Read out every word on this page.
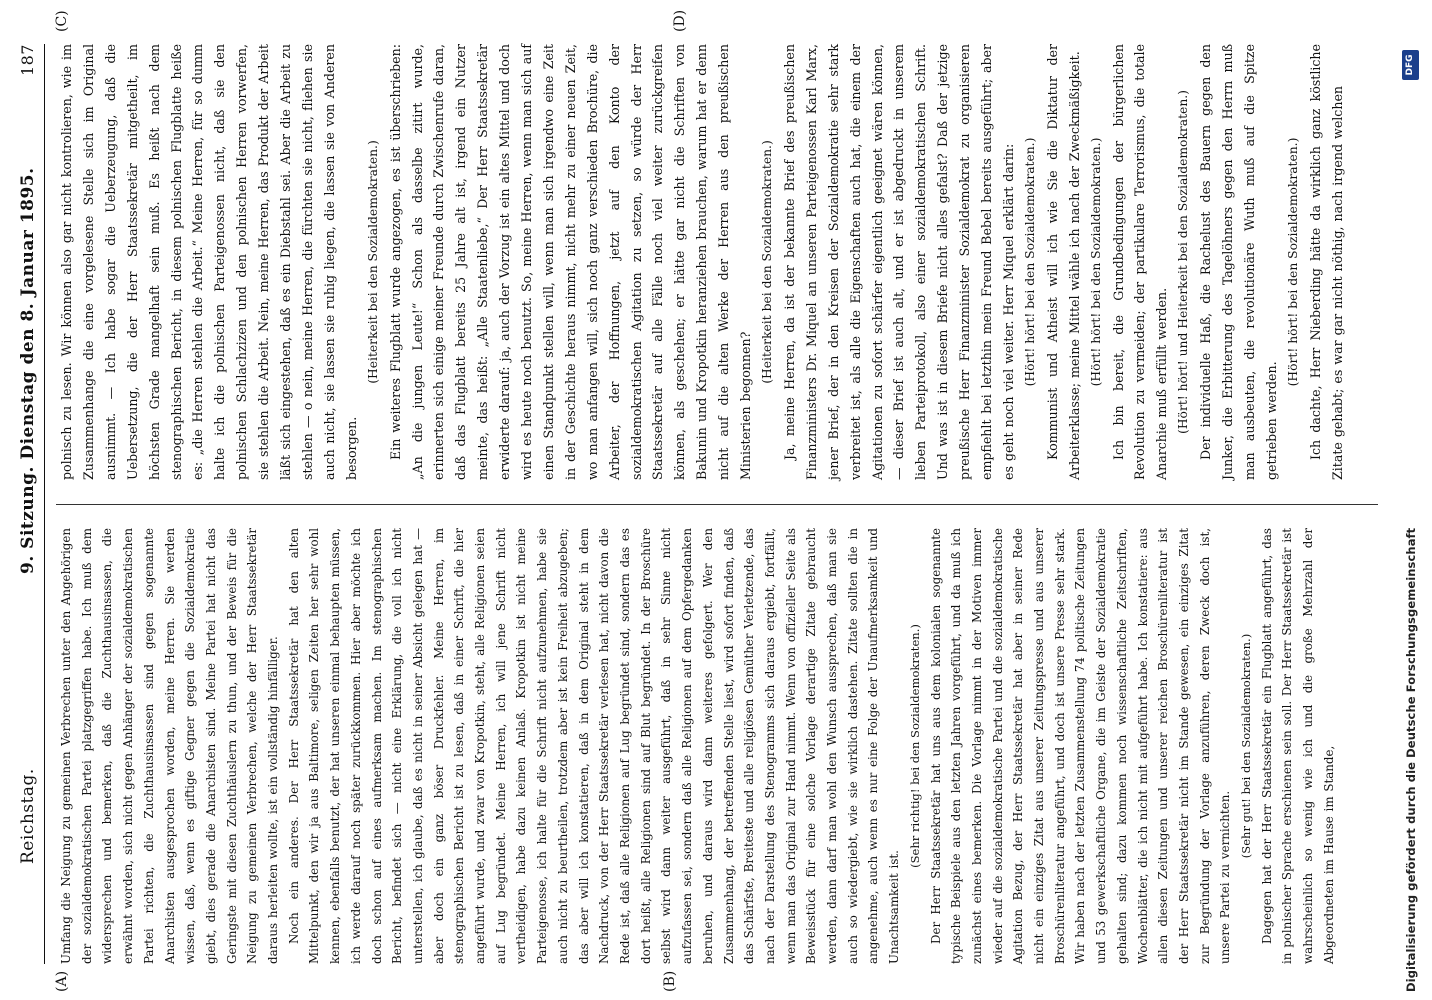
Reichstag.
9. Sitzung. Dienstag den 8. Januar 1895.
187
(A)	(B)
(C)	(D)

Umfang die Neigung zu gemeinen Verbrechen unter den Angehörigen der sozialdemokratischen Partei platzgegriffen habe. Ich muß dem widersprechen und bemerken, daß die Zuchthausinsassen, die erwähnt worden, sich nicht gegen Anhänger der sozialdemokratischen Partei richten, die Zuchthausinsassen sind gegen sogenannte Anarchisten ausgesprochen worden, meine Herren. Sie werden wissen, daß, wenn es giftige Gegner gegen die Sozialdemokratie giebt, dies gerade die Anarchisten sind. Meine Partei hat nicht das Geringste mit diesen Zuchthäuslern zu thun, und der Beweis für die Neigung zu gemeinen Verbrechen, welche der Herr Staatssekretär daraus herleiten wollte, ist ein vollständig hinfälliger. Noch ein anderes. Der Herr Staatssekretär hat den alten Mittelpunkt, den wir ja aus Baltimore, seligen Zeiten her sehr wohl kennen, ebenfalls benutzt, der hat unseren einmal behaupten müssen, ich werde darauf noch später zurückkommen. Hier aber möchte ich doch schon auf eines aufmerksam machen. Im stenographischen Bericht, befindet sich — nicht eine Erklärung, die voll ich nicht unterstellen, ich glaube, daß es nicht in seiner Absicht gelegen hat — aber doch ein ganz böser Druckfehler. Meine Herren, im stenographischen Bericht ist zu lesen, daß in einer Schrift, die hier angeführt wurde, und zwar von Kropotkin, steht, alle Religionen seien auf Lug begründet. Meine Herren, ich will jene Schrift nicht vertheidigen, habe dazu keinen Anlaß. Kropotkin ist nicht meine Parteigenosse, ich halte für die Schrift nicht aufzunehmen, habe sie auch nicht zu beurtheilen, trotzdem aber ist kein Freiheit abzugeben; das aber will ich konstatieren, daß in dem Original steht in dem Nachdruck, von der Herr Staatssekretär verlesen hat, nicht davon die Rede ist, daß alle Religionen auf Lug begründet sind, sondern das es dort heißt, alle Religionen sind auf Blut begründet. In der Broschüre selbst wird dann weiter ausgeführt, daß in sehr Sinne nicht aufzufassen sei, sondern daß alle Religionen auf dem Opfergedanken beruhen, und daraus wird dann weiteres gefolgert. Wer den Zusammenhang, der betreffenden Stelle liest, wird sofort finden, daß das Schärfste, Breiteste und alle religiösen Gemüther Verletzende, das nach der Darstellung des Stenogramms sich daraus ergiebt, fortfällt, wenn man das Original zur Hand nimmt. Wenn von offizieller Seite als Beweisstück für eine solche Vorlage derartige Zitate gebraucht werden, dann darf man wohl den Wunsch aussprechen, daß man sie auch so wiedergiebt, wie sie wirklich dastehen. Zitate sollten die in angenehme, auch wenn es nur eine Folge der Unaufmerksamkeit und Unachtsamkeit ist.

(Sehr richtig! bei den Sozialdemokraten.) Der Herr Staatssekretär hat uns aus dem kolonialen sogenannte typische Beispiele aus den letzten Jahren vorgeführt, und da muß ich zunächst eines bemerken. Die Vorlage nimmt in der Motiven immer wieder auf die sozialdemokratische Partei und die sozialdemokratische Agitation Bezug, der Herr Staatssekretär hat aber in seiner Rede nicht ein einziges Zitat aus unserer Zeitungspresse und aus unserer Broschürenliteratur angeführt, und doch ist unsere Presse sehr stark. Wir haben nach der letzten Zusammenstellung 74 politische Zeitungen und 53 gewerkschaftliche Organe, die im Geiste der Sozialdemokratie gehalten sind; dazu kommen noch wissenschaftliche Zeitschriften, Wochenblätter, die ich nicht mit aufgeführt habe. Ich konstatiere: aus allen diesen Zeitungen und unserer reichen Broschürenliteratur ist der Herr Staatssekretär nicht im Stande gewesen, ein einziges Zitat zur Begründung der Vorlage anzuführen, deren Zweck doch ist, unsere Partei zu vernichten.

(Sehr gut! bei den Sozialdemokraten.) Dagegen hat der Herr Staatssekretär ein Flugblatt angeführt, das in polnischer Sprache erschienen sein soll. Der Herr Staatssekretär ist wahrscheinlich so wenig wie ich und die große Mehrzahl der Abgeordneten im Hause im Stande,

polnisch zu lesen. Wir können also gar nicht kontrolieren, wie im Zusammenhange die eine vorgelesene Stelle sich im Original ausnimmt. — Ich habe sogar die Ueberzeugung, daß die Uebersetzung, die der Herr Staatssekretär mitgetheilt, im höchsten Grade mangelhaft sein muß. Es heißt nach dem stenographischen Bericht, in diesem polnischen Flugblatte heiße es: „die Herren stehlen die Arbeit.“ Meine Herren, für so dumm halte ich die polnischen Parteigenossen nicht, daß sie den polnischen Schlachzizen und den polnischen Herren vorwerfen, sie stehlen die Arbeit. Nein, meine Herren, das Produkt der Arbeit läßt sich eingestehen, daß es ein Diebstahl sei. Aber die Arbeit zu stehlen — o nein, meine Herren, die fürchten sie nicht, fliehen sie auch nicht, sie lassen sie ruhig liegen, die lassen sie von Anderen besorgen.

(Heiterkeit bei den Sozialdemokraten.) Ein weiteres Flugblatt wurde angezogen, es ist überschrieben: „An die jungen Leute!“ Schon als dasselbe zitirt wurde, erinnerten sich einige meiner Freunde durch Zwischenrufe daran, daß das Flugblatt bereits 25 Jahre alt ist, irgend ein Nutzer meinte, das heißt: „Alle Staatenliebe,“ Der Herr Staatssekretär erwiderte darauf: ja, auch der Vorzug ist ein altes Mittel und doch wird es heute noch benutzt. So, meine Herren, wenn man sich auf einen Standpunkt stellen will, wenn man sich irgendwo eine Zeit in der Geschichte heraus nimmt, nicht mehr zu einer neuen Zeit, wo man anfangen will, sich noch ganz verschieden Brochüre, die Arbeiter, der Hoffnungen, jetzt auf den Konto der sozialdemokratischen Agitation zu setzen, so würde der Herr Staatssekretär auf alle Fälle noch viel weiter zurückgreifen können, als geschehen; er hätte gar nicht die Schriften von Bakunin und Kropotkin heranziehen brauchen, warum hat er denn nicht auf die alten Werke der Herren aus den preußischen Ministerien begonnen?

(Heiterkeit bei den Sozialdemokraten.) Ja, meine Herren, da ist der bekannte Brief des preußischen Finanzministers Dr. Miquel an unseren Parteigenossen Karl Marx, jener Brief, der in den Kreisen der Sozialdemokratie sehr stark verbreitet ist, als alle die Eigenschaften auch hat, die einem der Agitationen zu sofort schärfer eigentlich geeignet wären können, — dieser Brief ist auch alt, und er ist abgedruckt in unserem lieben Parteiprotokoll, also einer sozialdemokratischen Schrift. Und was ist in diesem Briefe nicht alles gefalst? Daß der jetzige preußische Herr Finanzminister Sozialdemokrat zu organisieren empfiehlt bei letzthin mein Freund Bebel bereits ausgeführt; aber es geht noch viel weiter. Herr Miquel erklärt darin: (Hört! hört! bei den Sozialdemokraten.) Kommunist und Atheist will ich wie Sie die Diktatur der Arbeiterklasse; meine Mittel wähle ich nach der Zweckmäßigkeit. (Hört! hört! bei den Sozialdemokraten.) Ich bin bereit, die Grundbedingungen der bürgerlichen Revolution zu vermeiden; der partikulare Terrorismus, die totale Anarchie muß erfüllt werden. (Hört! hört! und Heiterkeit bei den Sozialdemokraten.) Der individuelle Haß, die Rachelust des Bauern gegen den Junker, die Erbitterung des Tagelöhners gegen den Herrn muß man ausbeuten, die revolutionäre Wuth muß auf die Spitze getrieben werden.

(Hört! hört! bei den Sozialdemokraten.) Ich dachte, Herr Nieberding hätte da wirklich ganz köstliche Zitate gehabt; es war gar nicht nöthig, nach irgend welchen

Digitalisierung gefördert durch die Deutsche Forschungsgemeinschaft
DFG
